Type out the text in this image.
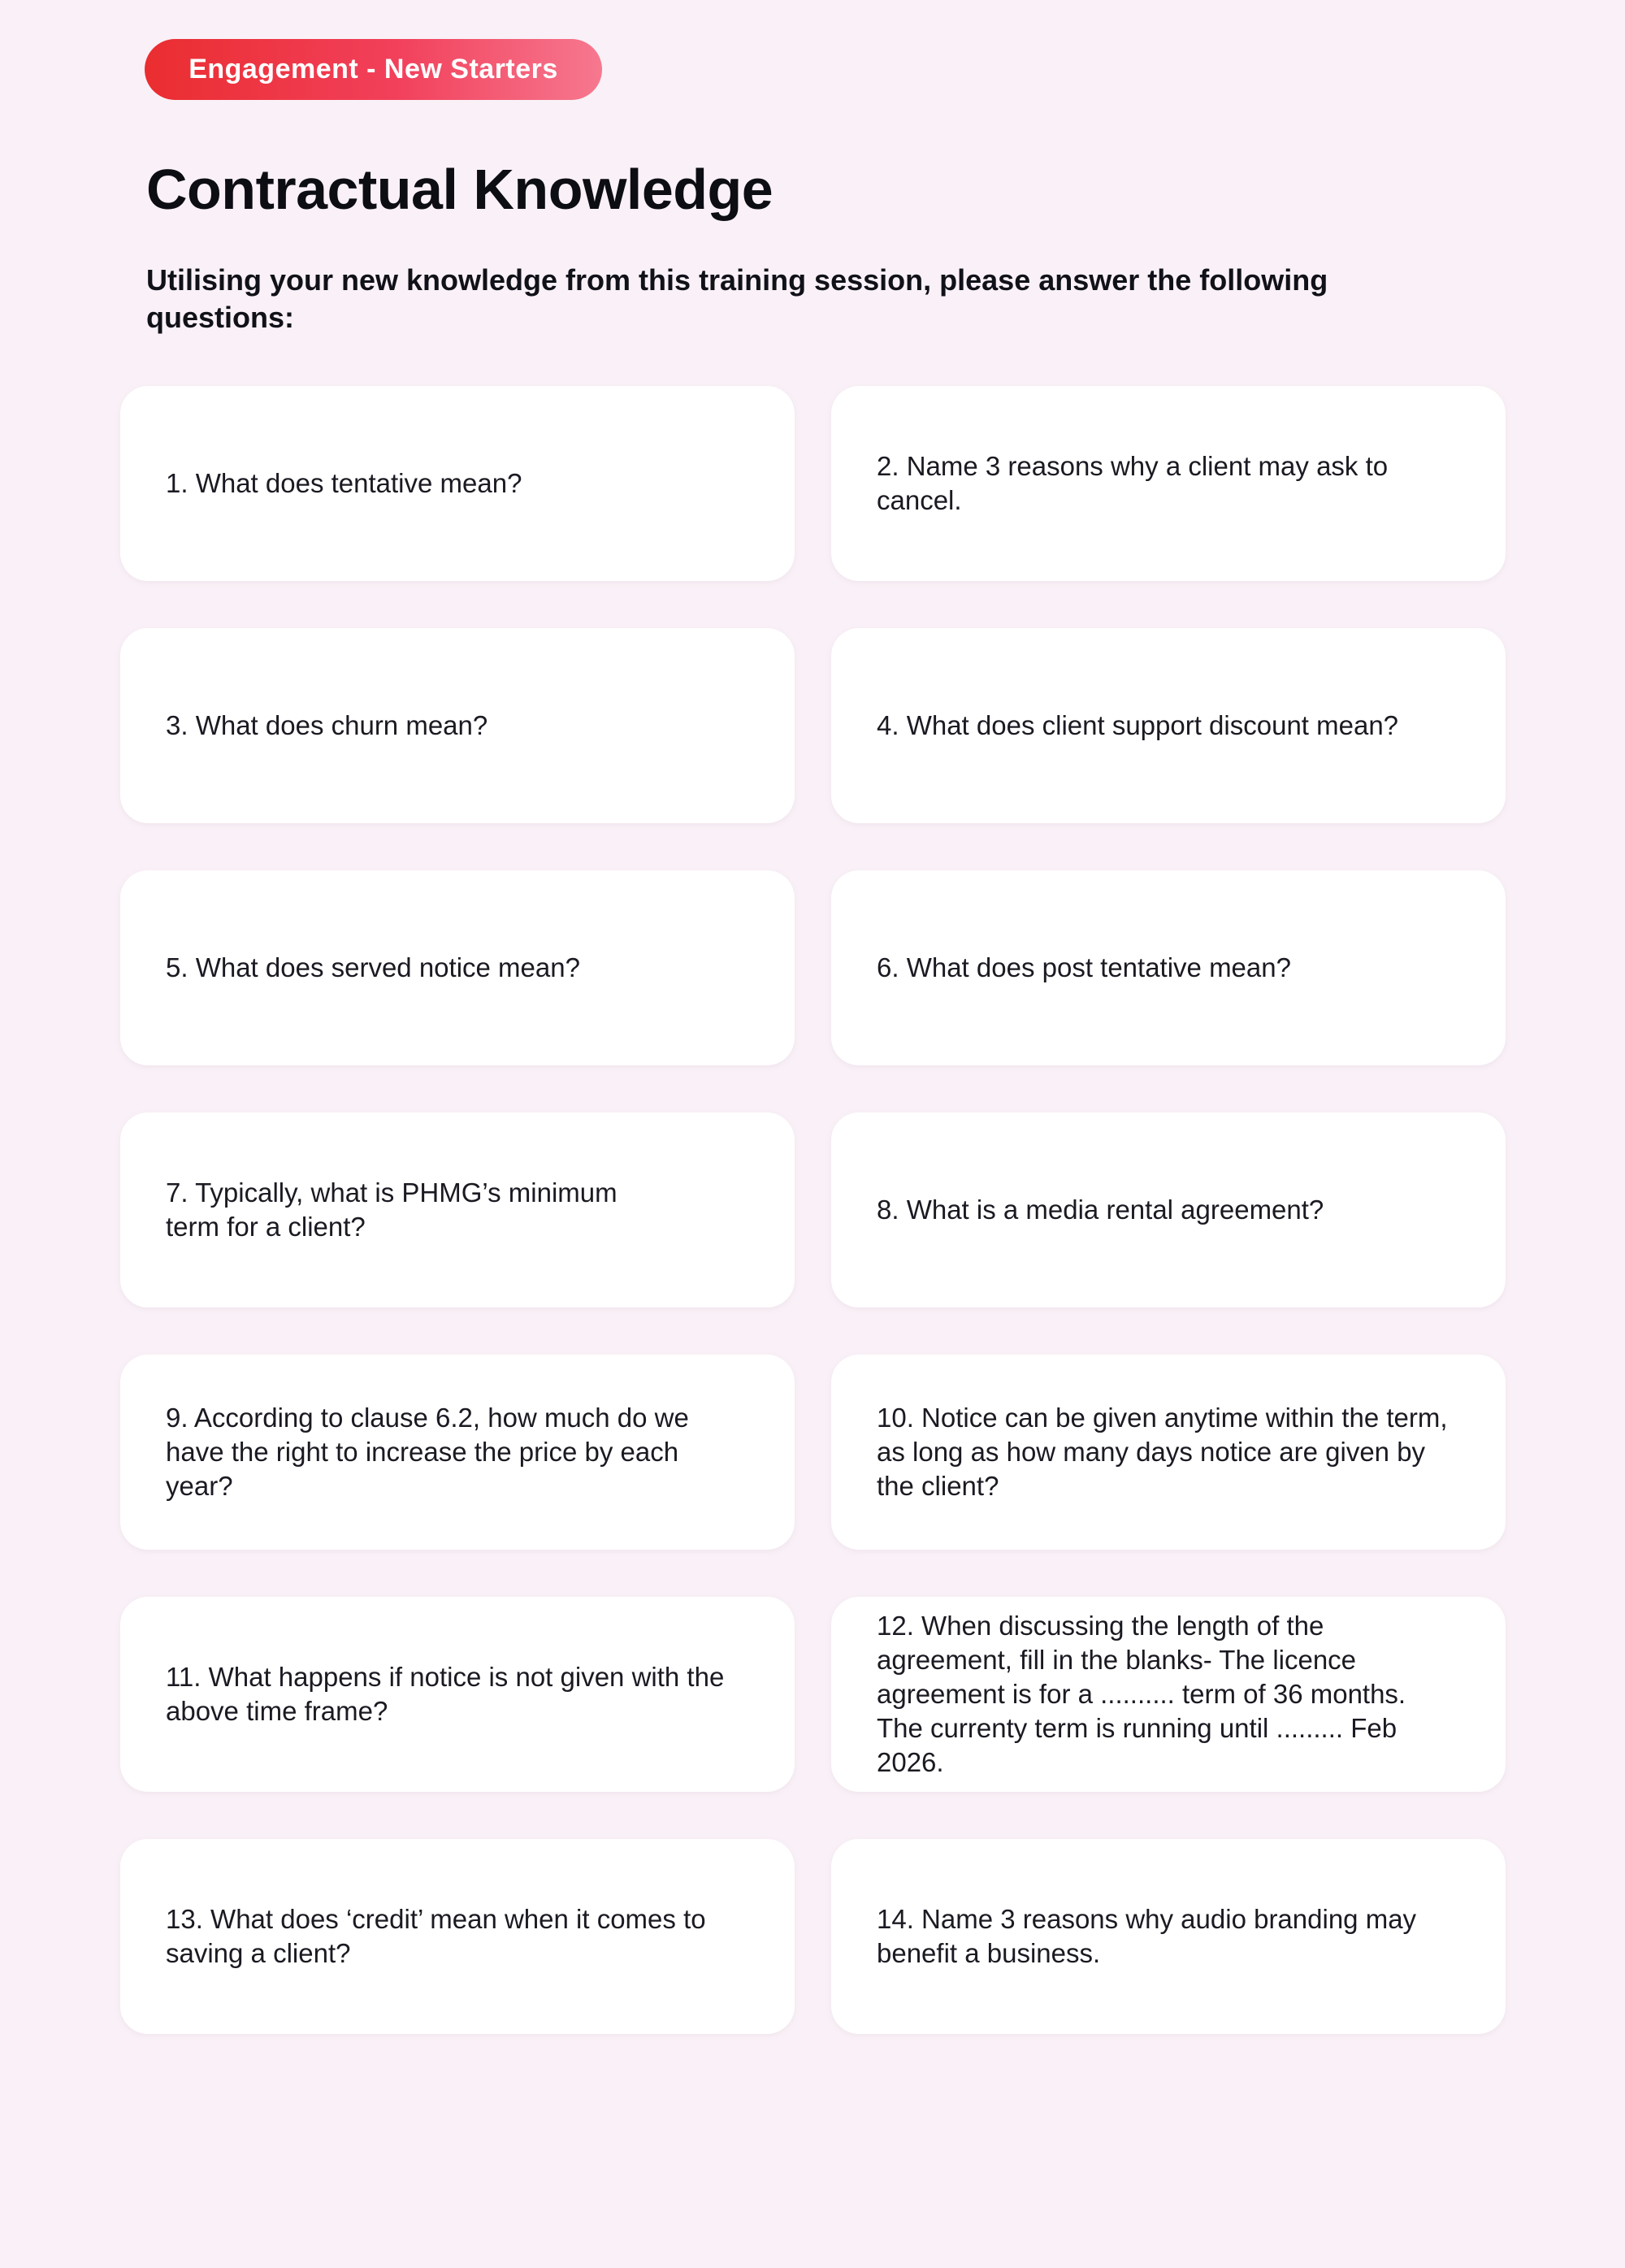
Engagement - New Starters
Contractual Knowledge

Utilising your new knowledge from this training session, please answer the following questions:

1. What does tentative mean?
2. Name 3 reasons why a client may ask to cancel.
3. What does churn mean?	4. What does client support discount mean?
5. What does served notice mean?	6. What does post tentative mean?
7. Typically, what is PHMG’s minimum term for a client?
8. What is a media rental agreement?
9. According to clause 6.2, how much do we have the right to increase the price by each year?
10. Notice can be given anytime within the term, as long as how many days notice are given by the client?
11. What happens if notice is not given with the above time frame?
12. When discussing the length of the agreement, fill in the blanks- The licence agreement is for a .......... term of 36 months. The currenty term is running until ......... Feb 2026.
13. What does ‘credit’ mean when it comes to saving a client?
14. Name 3 reasons why audio branding may benefit a business.
